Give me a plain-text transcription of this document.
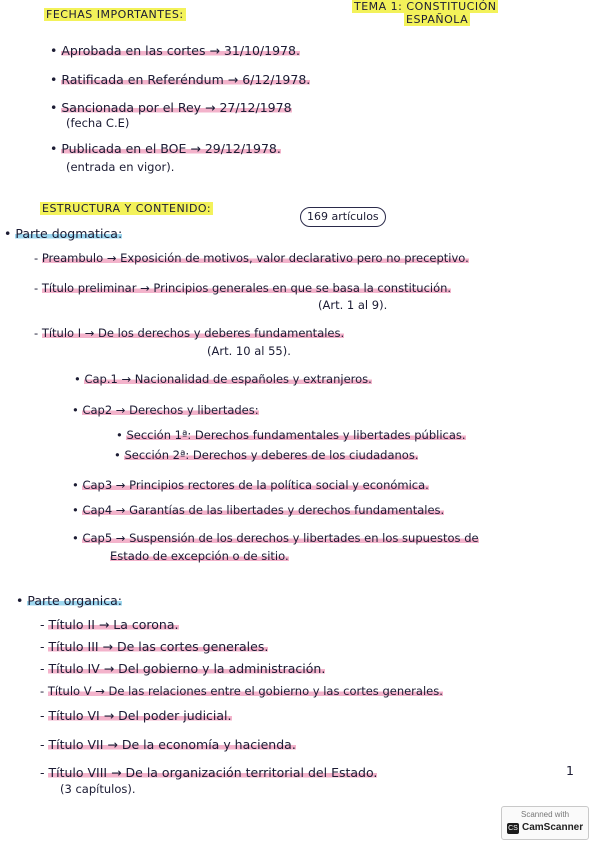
FECHAS IMPORTANTES:
TEMA 1: CONSTITUCIÓN
ESPAÑOLA
• Aprobada en las cortes → 31/10/1978.
• Ratificada en Referéndum → 6/12/1978.
• Sancionada por el Rey → 27/12/1978
(fecha C.E)
• Publicada en el BOE → 29/12/1978.
(entrada en vigor).
ESTRUCTURA Y CONTENIDO:
169 artículos
• Parte dogmatica:
- Preambulo → Exposición de motivos, valor declarativo pero no preceptivo.
- Título preliminar → Principios generales en que se basa la constitución.
(Art. 1 al 9).
- Título I → De los derechos y deberes fundamentales.
(Art. 10 al 55).
• Cap.1 → Nacionalidad de españoles y extranjeros.
• Cap2 → Derechos y libertades:
• Sección 1ª: Derechos fundamentales y libertades públicas.
• Sección 2ª: Derechos y deberes de los ciudadanos.
• Cap3 → Principios rectores de la política social y económica.
• Cap4 → Garantías de las libertades y derechos fundamentales.
• Cap5 → Suspensión de los derechos y libertades en los supuestos de
Estado de excepción o de sitio.
• Parte organica:
- Título II → La corona.
- Título III → De las cortes generales.
- Título IV → Del gobierno y la administración.
- Título V → De las relaciones entre el gobierno y las cortes generales.
- Título VI → Del poder judicial.
- Título VII → De la economía y hacienda.
- Título VIII → De la organización territorial del Estado.
(3 capítulos).
1
Scanned with
CS CamScanner
